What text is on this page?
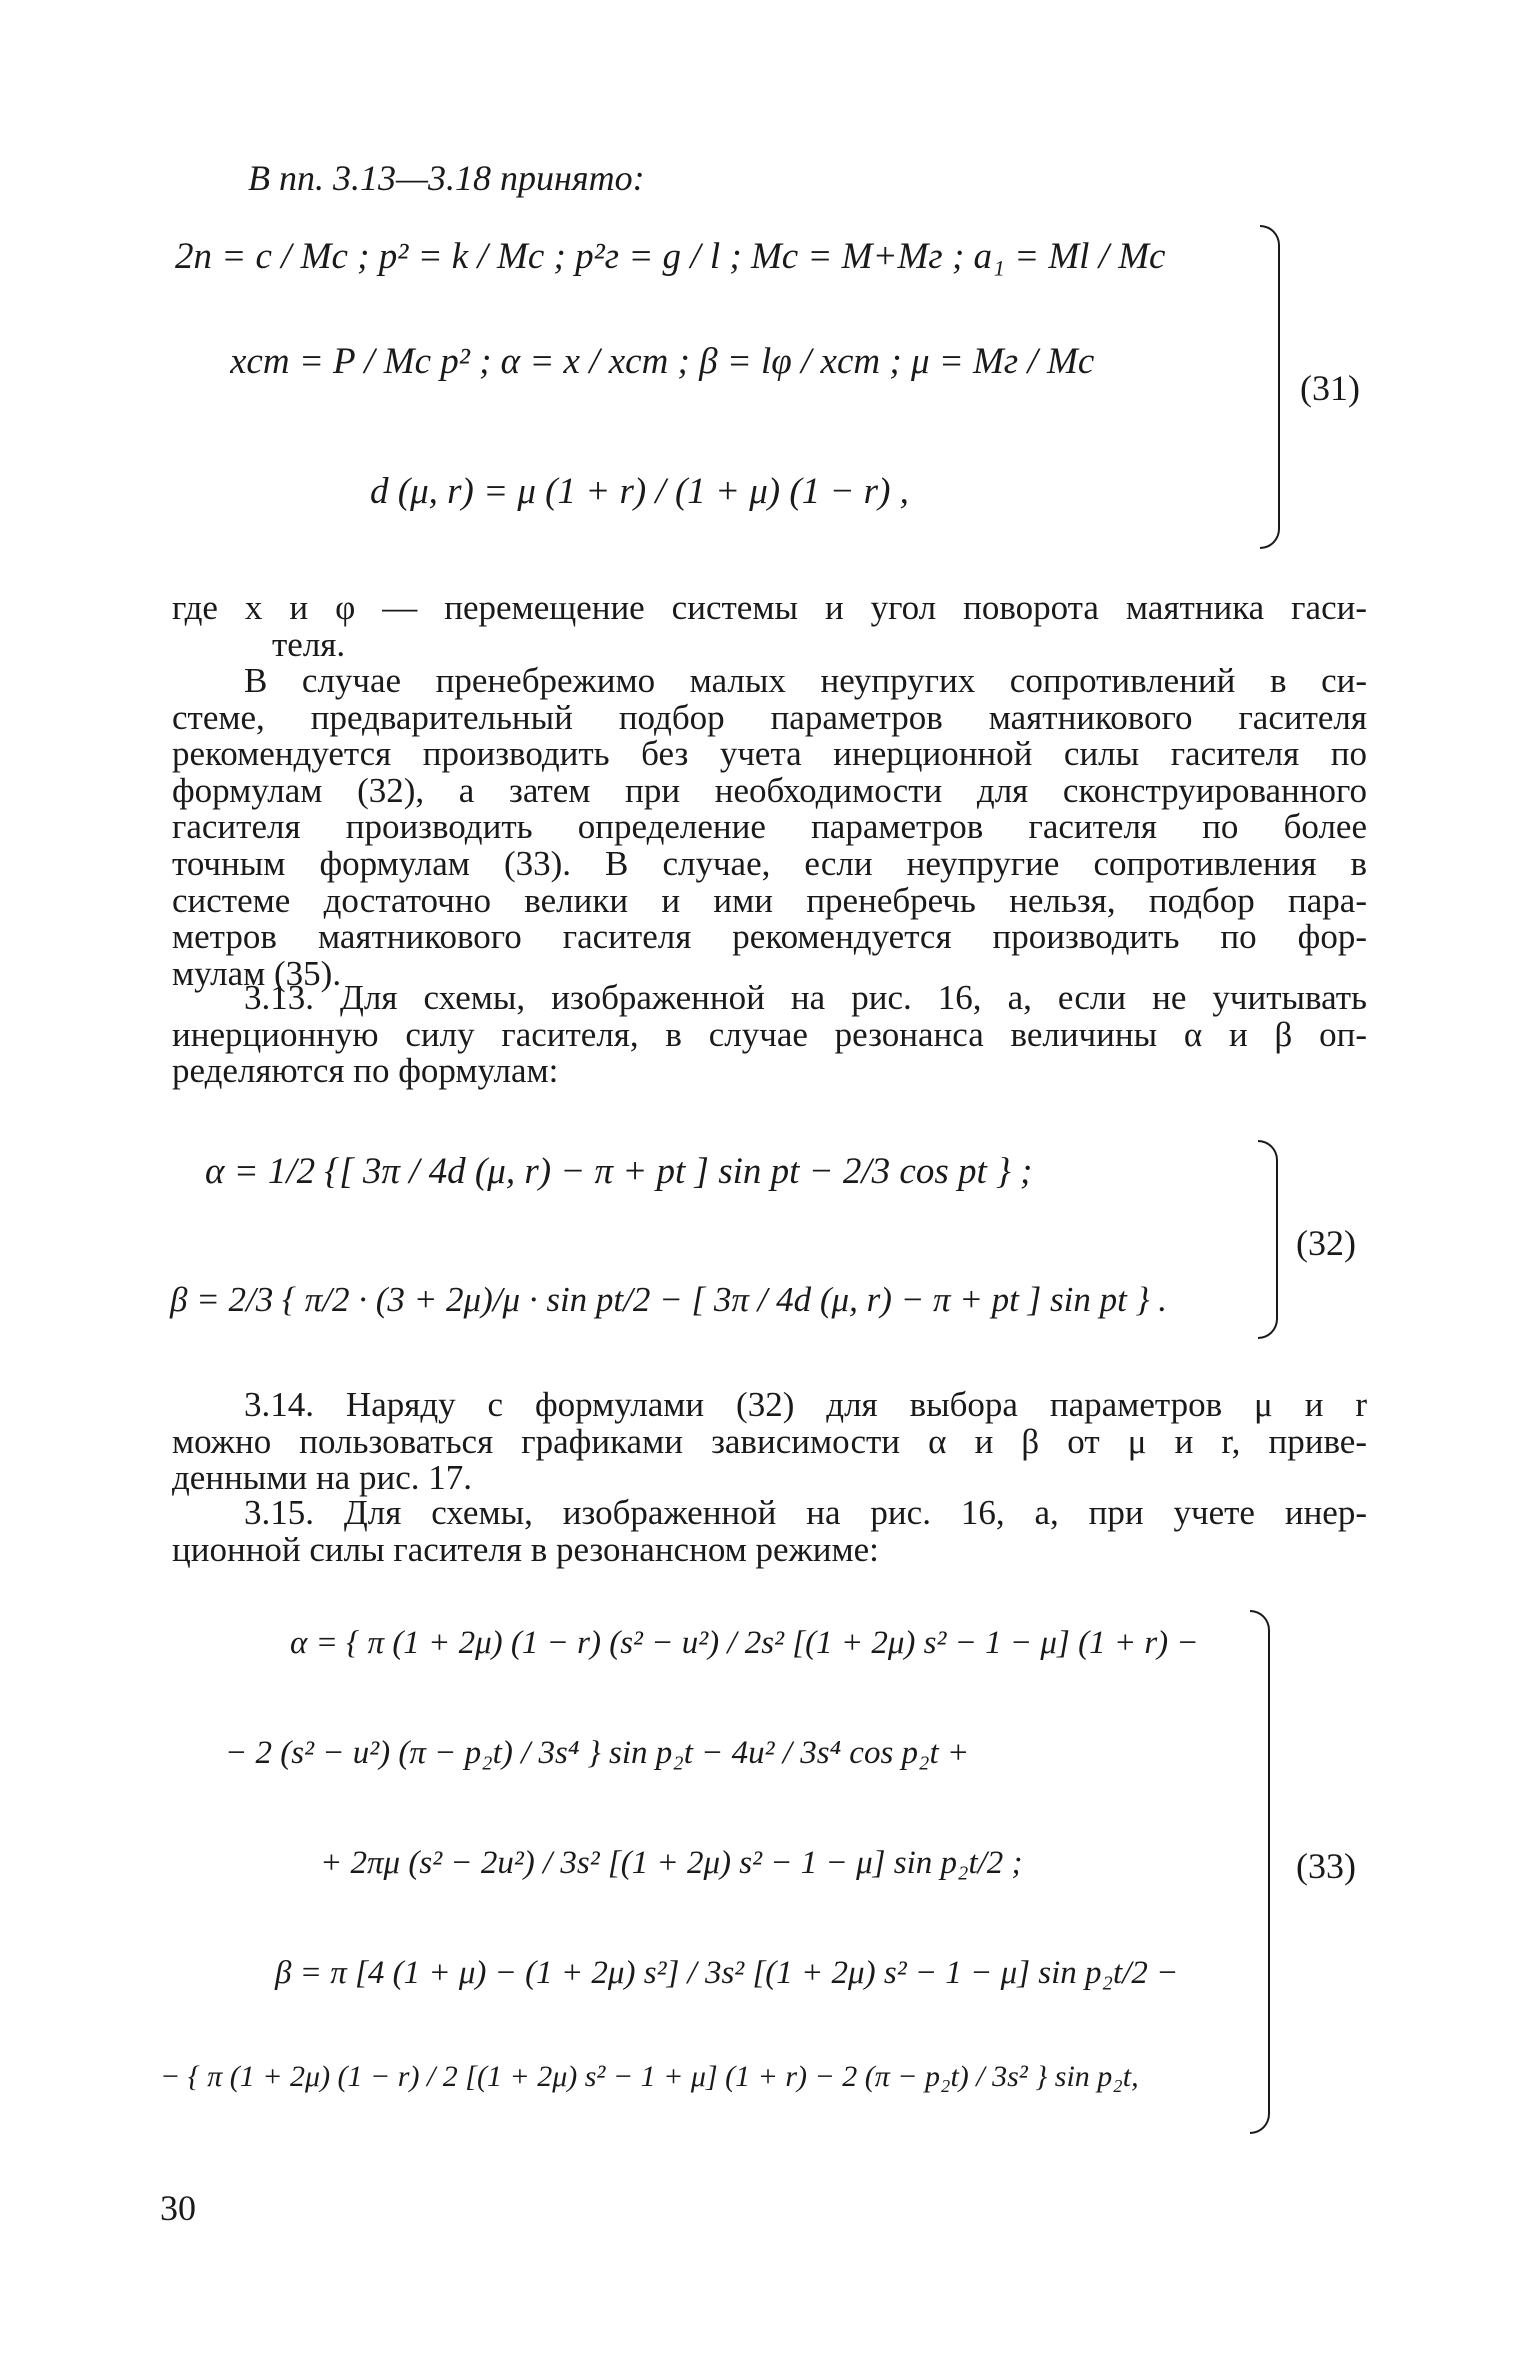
В пп. 3.13—3.18 принято:
2n = c / Mс ; p² = k / Mс ; p²г = g / l ; Mс = M+Mг ; a₁ = Ml / Mс
xст = P / Mс p² ; α = x / xст ; β = lφ / xст ; μ = Mг / Mс
d (μ, r) = μ (1 + r) / (1 + μ) (1 − r) ,
(31)
где x и φ — перемещение системы и угол поворота маятника гаси-
теля.
В случае пренебрежимо малых неупругих сопротивлений в си-
стеме, предварительный подбор параметров маятникового гасителя
рекомендуется производить без учета инерционной силы гасителя по
формулам (32), а затем при необходимости для сконструированного
гасителя производить определение параметров гасителя по более
точным формулам (33). В случае, если неупругие сопротивления в
системе достаточно велики и ими пренебречь нельзя, подбор пара-
метров маятникового гасителя рекомендуется производить по фор-
мулам (35).
3.13. Для схемы, изображенной на рис. 16, а, если не учитывать
инерционную силу гасителя, в случае резонанса величины α и β оп-
ределяются по формулам:
α = 1/2 {[ 3π / 4d (μ, r) − π + pt ] sin pt − 2/3 cos pt } ;
β = 2/3 { π/2 · (3 + 2μ)/μ · sin pt/2 − [ 3π / 4d (μ, r) − π + pt ] sin pt } .
(32)
3.14. Наряду с формулами (32) для выбора параметров μ и r
можно пользоваться графиками зависимости α и β от μ и r, приве-
денными на рис. 17.
3.15. Для схемы, изображенной на рис. 16, а, при учете инер-
ционной силы гасителя в резонансном режиме:
α = { π (1 + 2μ) (1 − r) (s² − u²) / 2s² [(1 + 2μ) s² − 1 − μ] (1 + r) −
− 2 (s² − u²) (π − p₂t) / 3s⁴ } sin p₂t − 4u² / 3s⁴ cos p₂t +
+ 2πμ (s² − 2u²) / 3s² [(1 + 2μ) s² − 1 − μ] sin p₂t/2 ;
β = π [4 (1 + μ) − (1 + 2μ) s²] / 3s² [(1 + 2μ) s² − 1 − μ] sin p₂t/2 −
− { π (1 + 2μ) (1 − r) / 2 [(1 + 2μ) s² − 1 + μ] (1 + r) − 2 (π − p₂t) / 3s² } sin p₂t,
(33)
30
